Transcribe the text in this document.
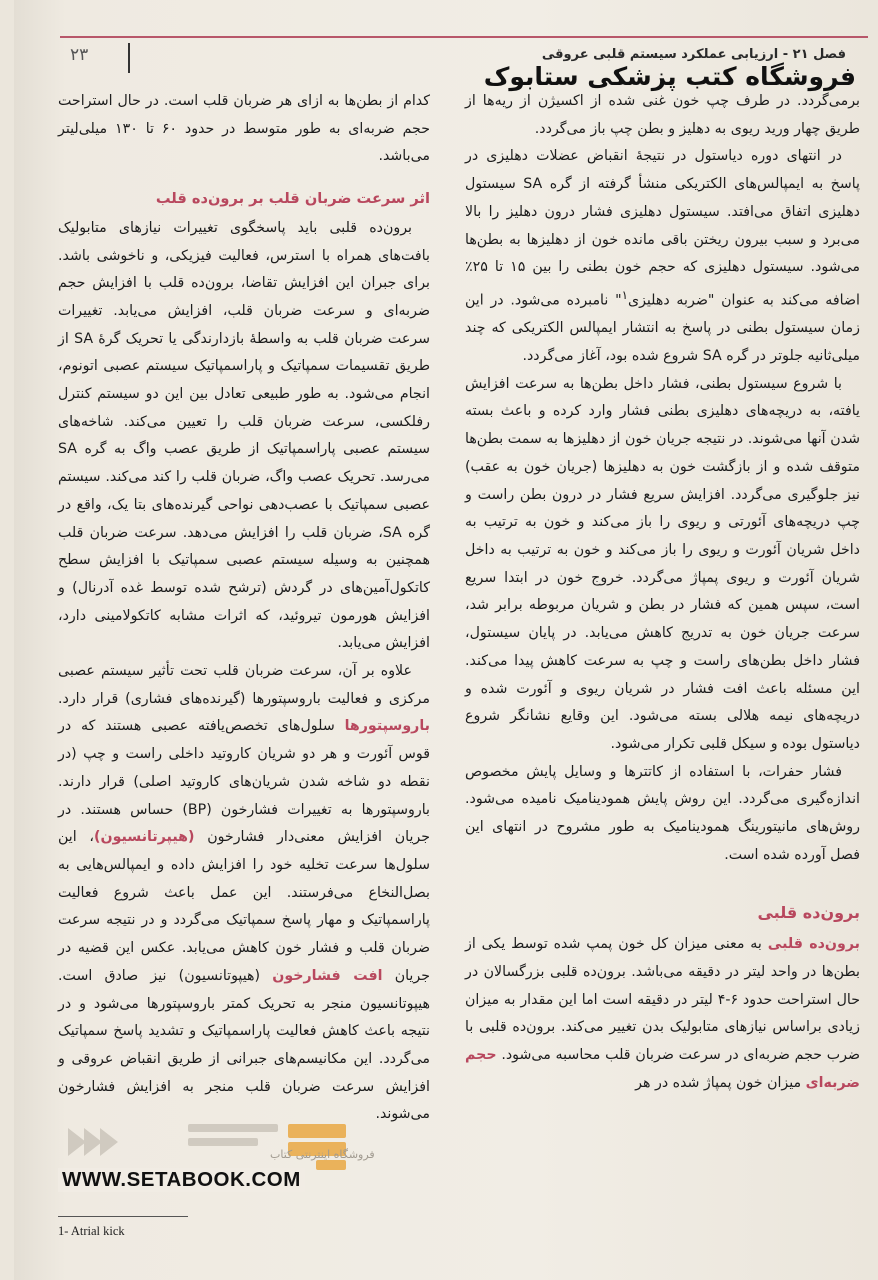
فصل ۲۱ - ارزیابی عملکرد سیستم قلبی عروقی
۲۳
فروشگاه کتب پزشکی ستابوک

برمی‌گردد. در طرف چپ خون غنی شده از اکسیژن از ریه‌ها از طریق چهار ورید ریوی به دهلیز و بطن چپ باز می‌گردد.

در انتهای دوره دیاستول در نتیجهٔ انقباض عضلات دهلیزی در پاسخ به ایمپالس‌های الکتریکی منشأ گرفته از گره SA سیستول دهلیزی اتفاق می‌افتد. سیستول دهلیزی فشار درون دهلیز را بالا می‌برد و سبب بیرون ریختن باقی مانده خون از دهلیزها به بطن‌ها می‌شود. سیستول دهلیزی که حجم خون بطنی را بین ۱۵ تا ۲۵٪ اضافه می‌کند به عنوان "ضربه دهلیزی$^۱$" نامبرده می‌شود. در این زمان سیستول بطنی در پاسخ به انتشار ایمپالس الکتریکی که چند میلی‌ثانیه جلوتر در گره SA شروع شده بود، آغاز می‌گردد.

با شروع سیستول بطنی، فشار داخل بطن‌ها به سرعت افزایش یافته، به دریچه‌های دهلیزی بطنی فشار وارد کرده و باعث بسته شدن آنها می‌شوند. در نتیجه جریان خون از دهلیزها به سمت بطن‌ها متوقف شده و از بازگشت خون به دهلیزها (جریان خون به عقب) نیز جلوگیری می‌گردد. افزایش سریع فشار در درون بطن راست و چپ دریچه‌های آئورتی و ریوی را باز می‌کند و خون به ترتیب به داخل شریان آئورت و ریوی را باز می‌کند و خون به ترتیب به داخل شریان آئورت و ریوی پمپاژ می‌گردد. خروج خون در ابتدا سریع است، سپس همین که فشار در بطن و شریان مربوطه برابر شد، سرعت جریان خون به تدریج کاهش می‌یابد. در پایان سیستول، فشار داخل بطن‌های راست و چپ به سرعت کاهش پیدا می‌کند. این مسئله باعث افت فشار در شریان ریوی و آئورت شده و دریچه‌های نیمه هلالی بسته می‌شود. این وقایع نشانگر شروع دیاستول بوده و سیکل قلبی تکرار می‌شود.

فشار حفرات، با استفاده از کاتترها و وسایل پایش مخصوص اندازه‌گیری می‌گردد. این روش پایش همودینامیک نامیده می‌شود. روش‌های مانیتورینگ همودینامیک به طور مشروح در انتهای این فصل آورده شده است.

برون‌ده قلبی

برون‌ده قلبی به معنی میزان کل خون پمپ شده توسط یکی از بطن‌ها در واحد لیتر در دقیقه می‌باشد. برون‌ده قلبی بزرگسالان در حال استراحت حدود ۶-۴ لیتر در دقیقه است اما این مقدار به میزان زیادی براساس نیازهای متابولیک بدن تغییر می‌کند. برون‌ده قلبی با ضرب حجم ضربه‌ای در سرعت ضربان قلب محاسبه می‌شود. حجم ضربه‌ای میزان خون پمپاژ شده در هر

کدام از بطن‌ها به ازای هر ضربان قلب است. در حال استراحت حجم ضربه‌ای به طور متوسط در حدود ۶۰ تا ۱۳۰ میلی‌لیتر می‌باشد.

اثر سرعت ضربان قلب بر برون‌ده قلب

برون‌ده قلبی باید پاسخگوی تغییرات نیازهای متابولیک بافت‌های همراه با استرس، فعالیت فیزیکی، و ناخوشی باشد. برای جبران این افزایش تقاضا، برون‌ده قلب با افزایش حجم ضربه‌ای و سرعت ضربان قلب، افزایش می‌یابد. تغییرات سرعت ضربان قلب به واسطهٔ بازدارندگی یا تحریک گرهٔ SA از طریق تقسیمات سمپاتیک و پاراسمپاتیک سیستم عصبی اتونوم، انجام می‌شود. به طور طبیعی تعادل بین این دو سیستم کنترل رفلکسی، سرعت ضربان قلب را تعیین می‌کند. شاخه‌های سیستم عصبی پاراسمپاتیک از طریق عصب واگ به گره SA می‌رسد. تحریک عصب واگ، ضربان قلب را کند می‌کند. سیستم عصبی سمپاتیک با عصب‌دهی نواحی گیرنده‌های بتا یک، واقع در گره SA، ضربان قلب را افزایش می‌دهد. سرعت ضربان قلب همچنین به وسیله سیستم عصبی سمپاتیک با افزایش سطح کاتکول‌آمین‌های در گردش (ترشح شده توسط غده آدرنال) و افزایش هورمون تیروئید، که اثرات مشابه کاتکولامینی دارد، افزایش می‌یابد.

علاوه بر آن، سرعت ضربان قلب تحت تأثیر سیستم عصبی مرکزی و فعالیت باروسپتورها (گیرنده‌های فشاری) قرار دارد. باروسپتورها سلول‌های تخصص‌یافته عصبی هستند که در قوس آئورت و هر دو شریان کاروتید داخلی راست و چپ (در نقطه دو شاخه شدن شریان‌های کاروتید اصلی) قرار دارند. باروسپتورها به تغییرات فشارخون (BP) حساس هستند. در جریان افزایش معنی‌دار فشارخون (هیپرتانسیون)، این سلول‌ها سرعت تخلیه خود را افزایش داده و ایمپالس‌هایی به بصل‌النخاع می‌فرستند. این عمل باعث شروع فعالیت پاراسمپاتیک و مهار پاسخ سمپاتیک می‌گردد و در نتیجه سرعت ضربان قلب و فشار خون کاهش می‌یابد. عکس این قضیه در جریان افت فشارخون (هیپوتانسیون) نیز صادق است. هیپوتانسیون منجر به تحریک کمتر باروسپتورها می‌شود و در نتیجه باعث کاهش فعالیت پاراسمپاتیک و تشدید پاسخ سمپاتیک می‌گردد. این مکانیسم‌های جبرانی از طریق انقباض عروقی و افزایش سرعت ضربان قلب منجر به افزایش فشارخون می‌شوند.

فروشگاه اینترنتی کتاب
WWW.SETABOOK.COM
1- Atrial kick
